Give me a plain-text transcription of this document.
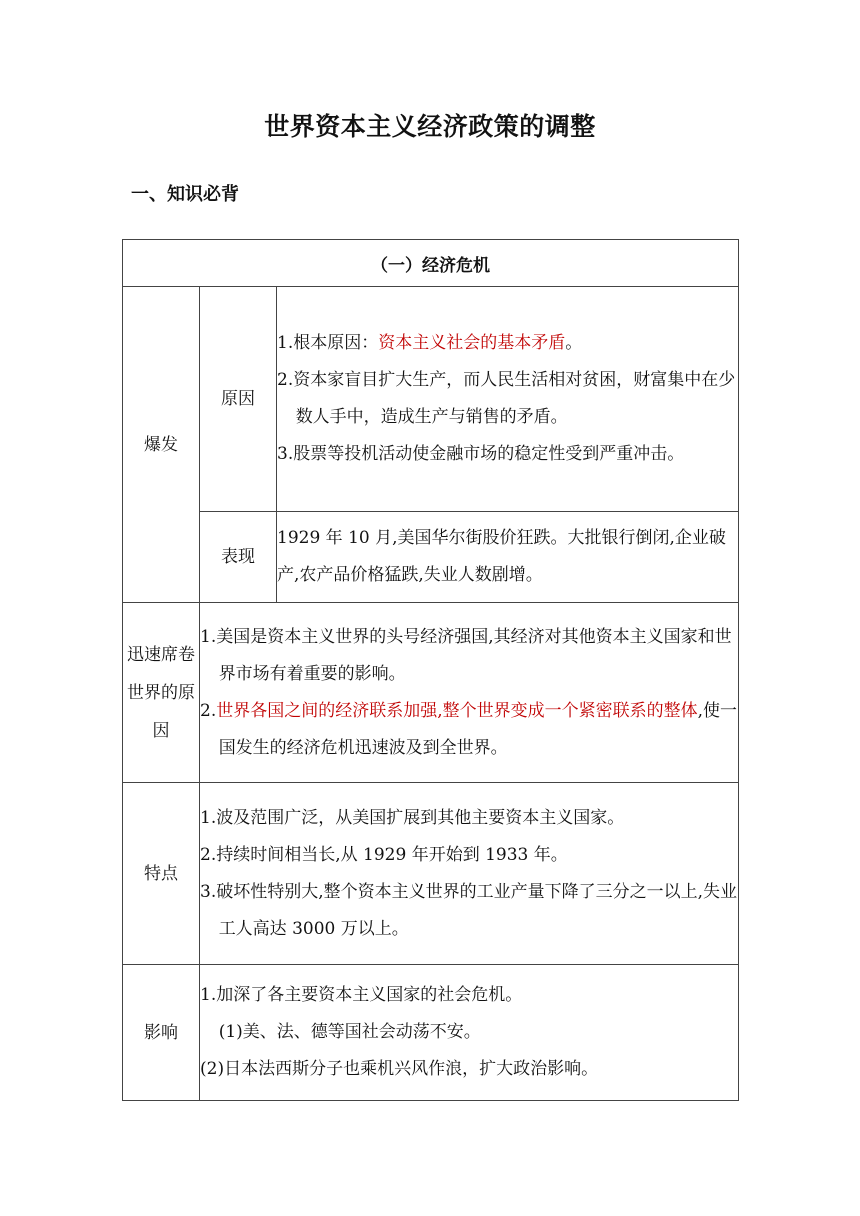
世界资本主义经济政策的调整
一、知识必背
（一）经济危机		
爆发	原因	1.根本原因：资本主义社会的基本矛盾。
2.资本家盲目扩大生产，而人民生活相对贫困，财富集中在少数人手中，造成生产与销售的矛盾。
3.股票等投机活动使金融市场的稳定性受到严重冲击。

	表现	1929 年 10 月,美国华尔街股价狂跌。大批银行倒闭,企业破产,农产品价格猛跌,失业人数剧增。
迅速席卷世界的原因	1.美国是资本主义世界的头号经济强国,其经济对其他资本主义国家和世界市场有着重要的影响。
2.世界各国之间的经济联系加强,整个世界变成一个紧密联系的整体,使一国发生的经济危机迅速波及到全世界。	

特点	1.波及范围广泛，从美国扩展到其他主要资本主义国家。
2.持续时间相当长,从 1929 年开始到 1933 年。
3.破坏性特别大,整个资本主义世界的工业产量下降了三分之一以上,失业工人高达 3000 万以上。	

影响	1.加深了各主要资本主义国家的社会危机。
(1)美、法、德等国社会动荡不安。
(2)日本法西斯分子也乘机兴风作浪，扩大政治影响。	
